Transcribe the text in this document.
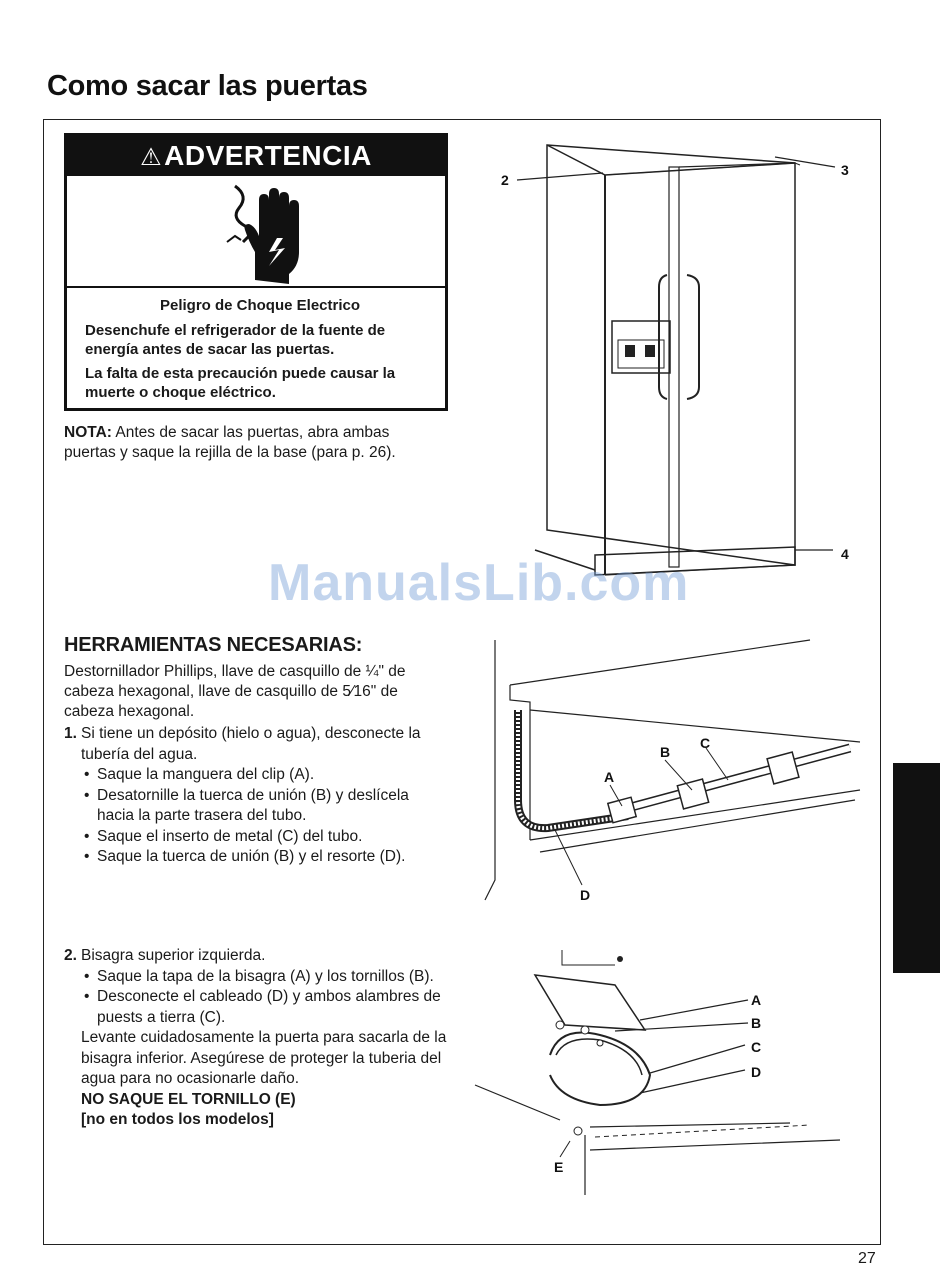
Como sacar las puertas
⚠ADVERTENCIA
Peligro de Choque Electrico
Desenchufe el refrigerador de la fuente de energía antes de sacar las puertas.
La falta de esta precaución puede causar la muerte o choque eléctrico.
NOTA: Antes de sacar las puertas, abra ambas puertas y saque la rejilla de la base (para p. 26).
2
3
4
ManualsLib.com
HERRAMIENTAS NECESARIAS:
Destornillador Phillips, llave de casquillo de ¼" de cabeza hexagonal, llave de casquillo de 5⁄16" de cabeza hexagonal.
1. Si tiene un depósito (hielo o agua), desconecte la tubería del agua.
• Saque la manguera del clip (A).
• Desatornille la tuerca de unión (B) y deslícela hacia la parte trasera del tubo.
• Saque el inserto de metal (C) del tubo.
• Saque la tuerca de unión (B) y el resorte (D).
A
B
C
D
2. Bisagra superior izquierda.
• Saque la tapa de la bisagra (A) y los tornillos (B).
• Desconecte el cableado (D) y ambos alambres de puests a tierra (C).
Levante cuidadosamente la puerta para sacarla de la bisagra inferior. Asegúrese de proteger la tuberia del agua para no ocasionarle daño.
NO SAQUE EL TORNILLO (E)
[no en todos los modelos]
A
B
C
D
E
27
